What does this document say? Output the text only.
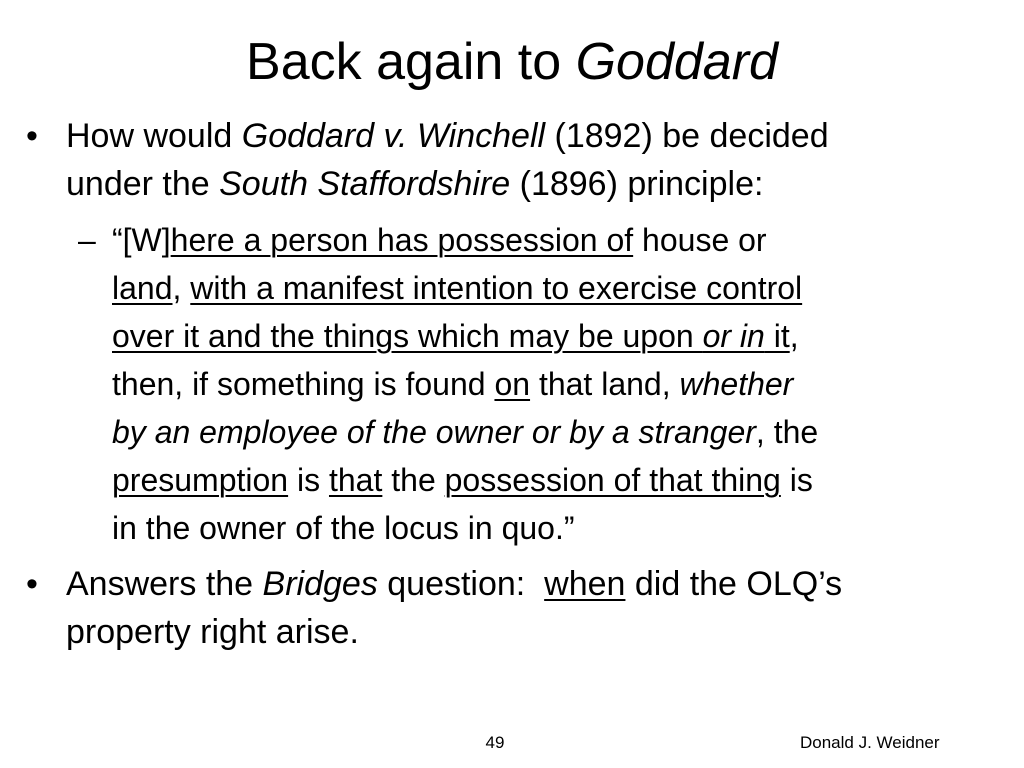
Back again to Goddard
• How would Goddard v. Winchell (1892) be decided
under the South Staffordshire (1896) principle:
– “[W]here a person has possession of house or
land, with a manifest intention to exercise control
over it and the things which may be upon or in it,
then, if something is found on that land, whether
by an employee of the owner or by a stranger, the
presumption is that the possession of that thing is
in the owner of the locus in quo.”
• Answers the Bridges question:  when did the OLQ’s
property right arise.
49	Donald J. Weidner
